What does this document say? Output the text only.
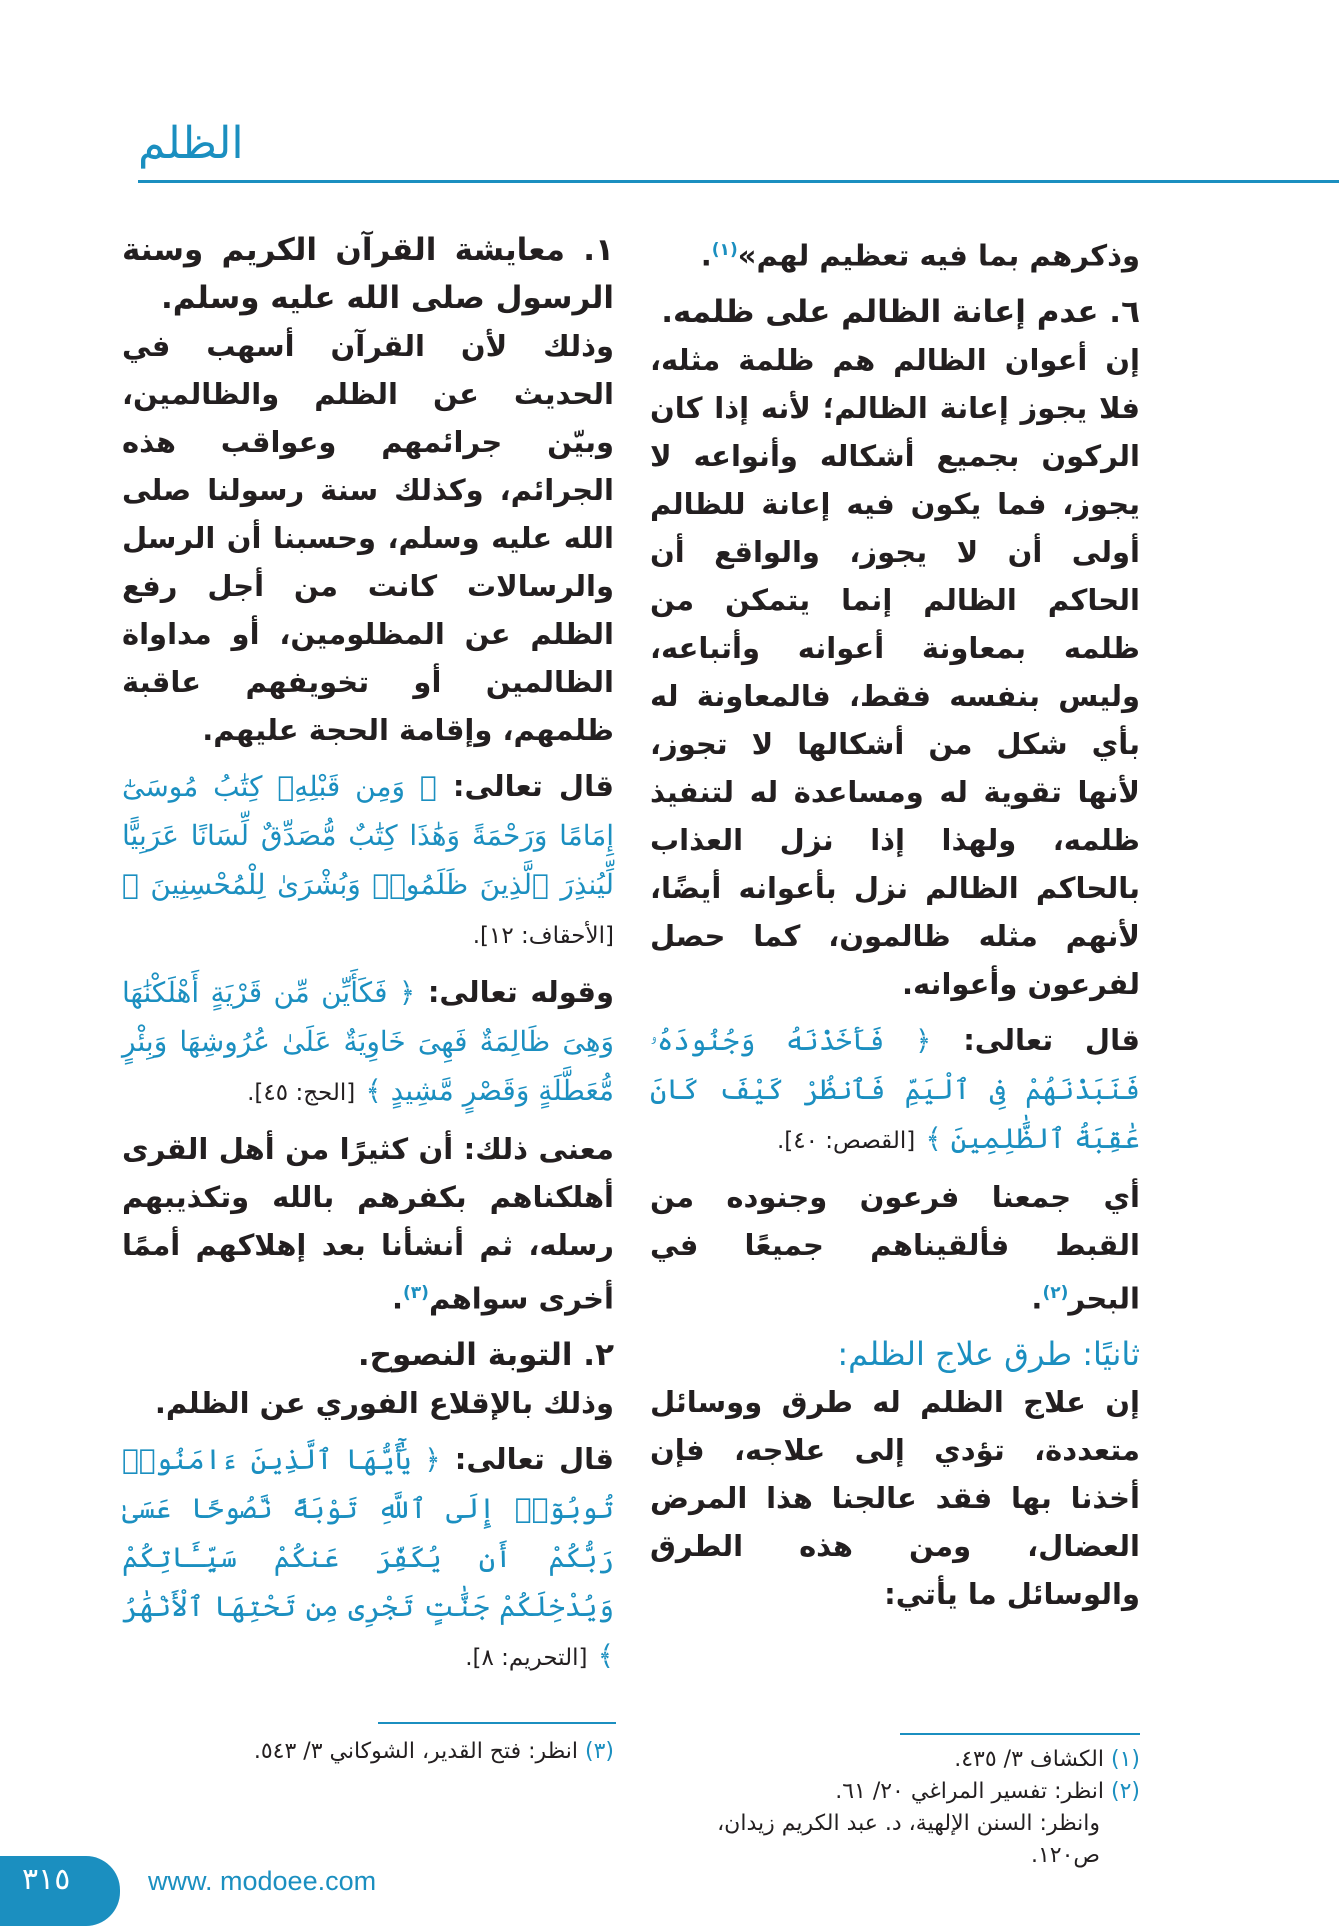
الظلم

وذكرهم بما فيه تعظيم لهم»$^{(١)}$.

٦. عدم إعانة الظالم على ظلمه.

إن أعوان الظالم هم ظلمة مثله، فلا يجوز إعانة الظالم؛ لأنه إذا كان الركون بجميع أشكاله وأنواعه لا يجوز، فما يكون فيه إعانة للظالم أولى أن لا يجوز، والواقع أن الحاكم الظالم إنما يتمكن من ظلمه بمعاونة أعوانه وأتباعه، وليس بنفسه فقط، فالمعاونة له بأي شكل من أشكالها لا تجوز، لأنها تقوية له ومساعدة له لتنفيذ ظلمه، ولهذا إذا نزل العذاب بالحاكم الظالم نزل بأعوانه أيضًا، لأنهم مثله ظالمون، كما حصل لفرعون وأعوانه.

قال تعالى: ﴿ فَأَخَذْنَهُ وَجُنُودَهُۥ فَنَبَذْنَهُمْ فِى ٱلْيَمِّ فَٱنظُرْ كَيْفَ كَانَ عَٰقِبَةُ ٱلظَّٰلِمِينَ ﴾ [القصص: ٤٠].

أي جمعنا فرعون وجنوده من القبط فألقيناهم جميعًا في البحر$^{(٢)}$.

ثانيًا: طرق علاج الظلم:

إن علاج الظلم له طرق ووسائل متعددة، تؤدي إلى علاجه، فإن أخذنا بها فقد عالجنا هذا المرض العضال، ومن هذه الطرق والوسائل ما يأتي:

١. معايشة القرآن الكريم وسنة الرسول صلى الله عليه وسلم.

وذلك لأن القرآن أسهب في الحديث عن الظلم والظالمين، وبيّن جرائمهم وعواقب هذه الجرائم، وكذلك سنة رسولنا صلى الله عليه وسلم، وحسبنا أن الرسل والرسالات كانت من أجل رفع الظلم عن المظلومين، أو مداواة الظالمين أو تخويفهم عاقبة ظلمهم، وإقامة الحجة عليهم.

قال تعالى: ﴿ وَمِن قَبْلِهِۦ كِتَٰبُ مُوسَىٰٓ إِمَامًا وَرَحْمَةً وَهَٰذَا كِتَٰبٌ مُّصَدِّقٌ لِّسَانًا عَرَبِيًّا لِّيُنذِرَ ٱلَّذِينَ ظَلَمُوا۟ وَبُشْرَىٰ لِلْمُحْسِنِينَ ﴾ [الأحقاف: ١٢].

وقوله تعالى: ﴿ فَكَأَيِّن مِّن قَرْيَةٍ أَهْلَكْنَٰهَا وَهِىَ ظَالِمَةٌ فَهِىَ خَاوِيَةٌ عَلَىٰ عُرُوشِهَا وَبِئْرٍ مُّعَطَّلَةٍ وَقَصْرٍ مَّشِيدٍ ﴾ [الحج: ٤٥].

معنى ذلك: أن كثيرًا من أهل القرى أهلكناهم بكفرهم بالله وتكذيبهم رسله، ثم أنشأنا بعد إهلاكهم أممًا أخرى سواهم$^{(٣)}$.

٢. التوبة النصوح.

وذلك بالإقلاع الفوري عن الظلم.

قال تعالى: ﴿ يَٰٓأَيُّهَا ٱلَّذِينَ ءَامَنُوا۟ تُوبُوٓا۟ إِلَى ٱللَّهِ تَوْبَةً نَّصُوحًا عَسَىٰ رَبُّكُمْ أَن يُكَفِّرَ عَنكُمْ سَيِّـَٔاتِكُمْ وَيُدْخِلَكُمْ جَنَّٰتٍ تَجْرِى مِن تَحْتِهَا ٱلْأَنْهَٰرُ ﴾ [التحريم: ٨].

(١) الكشاف ٣/ ٤٣٥.

(٢) انظر: تفسير المراغي ٢٠/ ٦١.

وانظر: السنن الإلهية، د. عبد الكريم زيدان، ص١٢٠.

(٣) انظر: فتح القدير، الشوكاني ٣/ ٥٤٣.

٣١٥	www. modoee.com
